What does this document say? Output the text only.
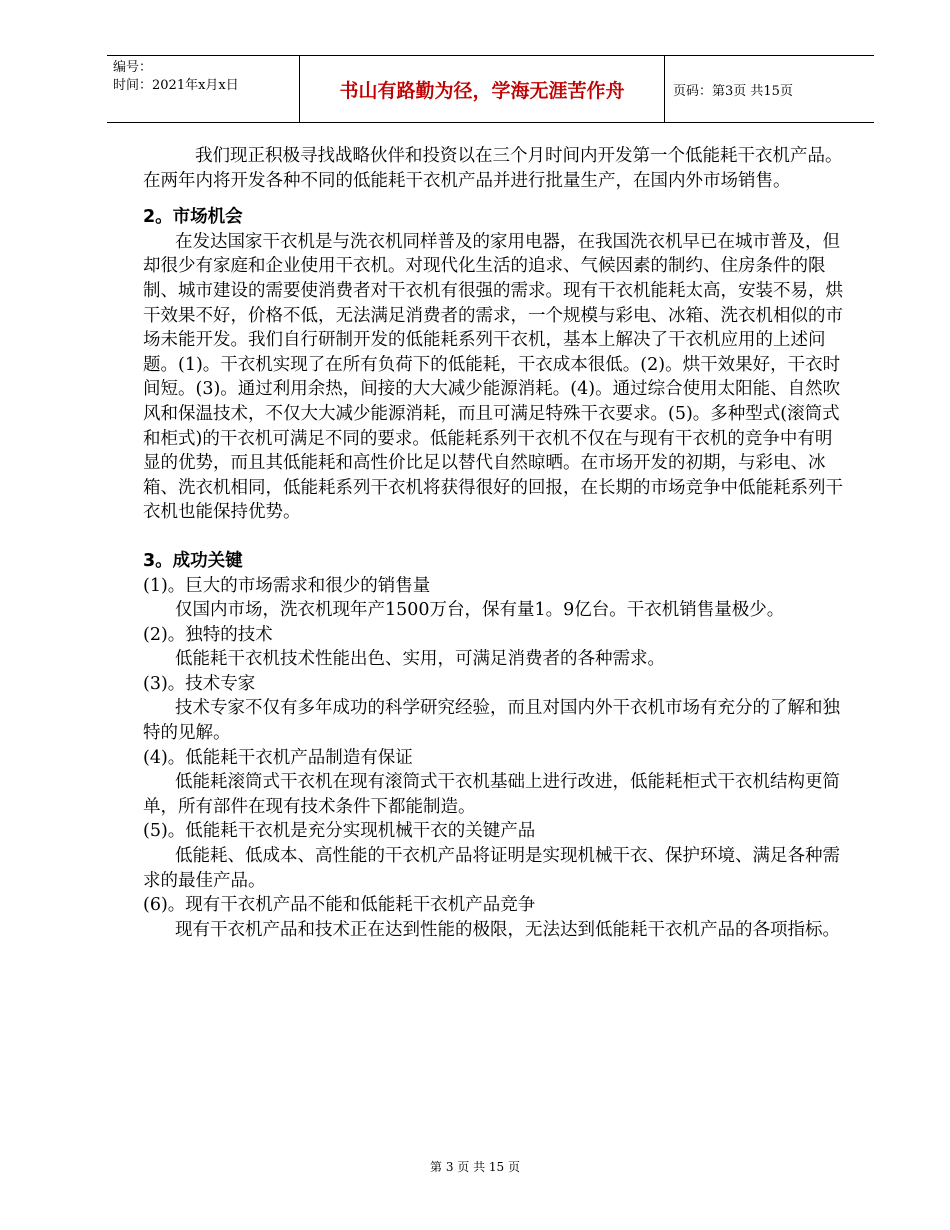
编号：
时间：2021年x月x日	书山有路勤为径，学海无涯苦作舟	页码：第3页 共15页

我们现正积极寻找战略伙伴和投资以在三个月时间内开发第一个低能耗干衣机产品。在两年内将开发各种不同的低能耗干衣机产品并进行批量生产，在国内外市场销售。

2。市场机会

在发达国家干衣机是与洗衣机同样普及的家用电器，在我国洗衣机早已在城市普及，但却很少有家庭和企业使用干衣机。对现代化生活的追求、气候因素的制约、住房条件的限制、城市建设的需要使消费者对干衣机有很强的需求。现有干衣机能耗太高，安装不易，烘干效果不好，价格不低，无法满足消费者的需求，一个规模与彩电、冰箱、洗衣机相似的市场未能开发。我们自行研制开发的低能耗系列干衣机，基本上解决了干衣机应用的上述问题。(1)。干衣机实现了在所有负荷下的低能耗，干衣成本很低。(2)。烘干效果好，干衣时间短。(3)。通过利用余热，间接的大大减少能源消耗。(4)。通过综合使用太阳能、自然吹风和保温技术，不仅大大减少能源消耗，而且可满足特殊干衣要求。(5)。多种型式(滚筒式和柜式)的干衣机可满足不同的要求。低能耗系列干衣机不仅在与现有干衣机的竞争中有明显的优势，而且其低能耗和高性价比足以替代自然晾晒。在市场开发的初期，与彩电、冰箱、洗衣机相同，低能耗系列干衣机将获得很好的回报，在长期的市场竞争中低能耗系列干衣机也能保持优势。

3。成功关键

(1)。巨大的市场需求和很少的销售量

仅国内市场，洗衣机现年产1500万台，保有量1。9亿台。干衣机销售量极少。

(2)。独特的技术

低能耗干衣机技术性能出色、实用，可满足消费者的各种需求。

(3)。技术专家

技术专家不仅有多年成功的科学研究经验，而且对国内外干衣机市场有充分的了解和独特的见解。

(4)。低能耗干衣机产品制造有保证

低能耗滚筒式干衣机在现有滚筒式干衣机基础上进行改进，低能耗柜式干衣机结构更简单，所有部件在现有技术条件下都能制造。

(5)。低能耗干衣机是充分实现机械干衣的关键产品

低能耗、低成本、高性能的干衣机产品将证明是实现机械干衣、保护环境、满足各种需求的最佳产品。

(6)。现有干衣机产品不能和低能耗干衣机产品竞争

现有干衣机产品和技术正在达到性能的极限，无法达到低能耗干衣机产品的各项指标。

第 3 页 共 15 页
